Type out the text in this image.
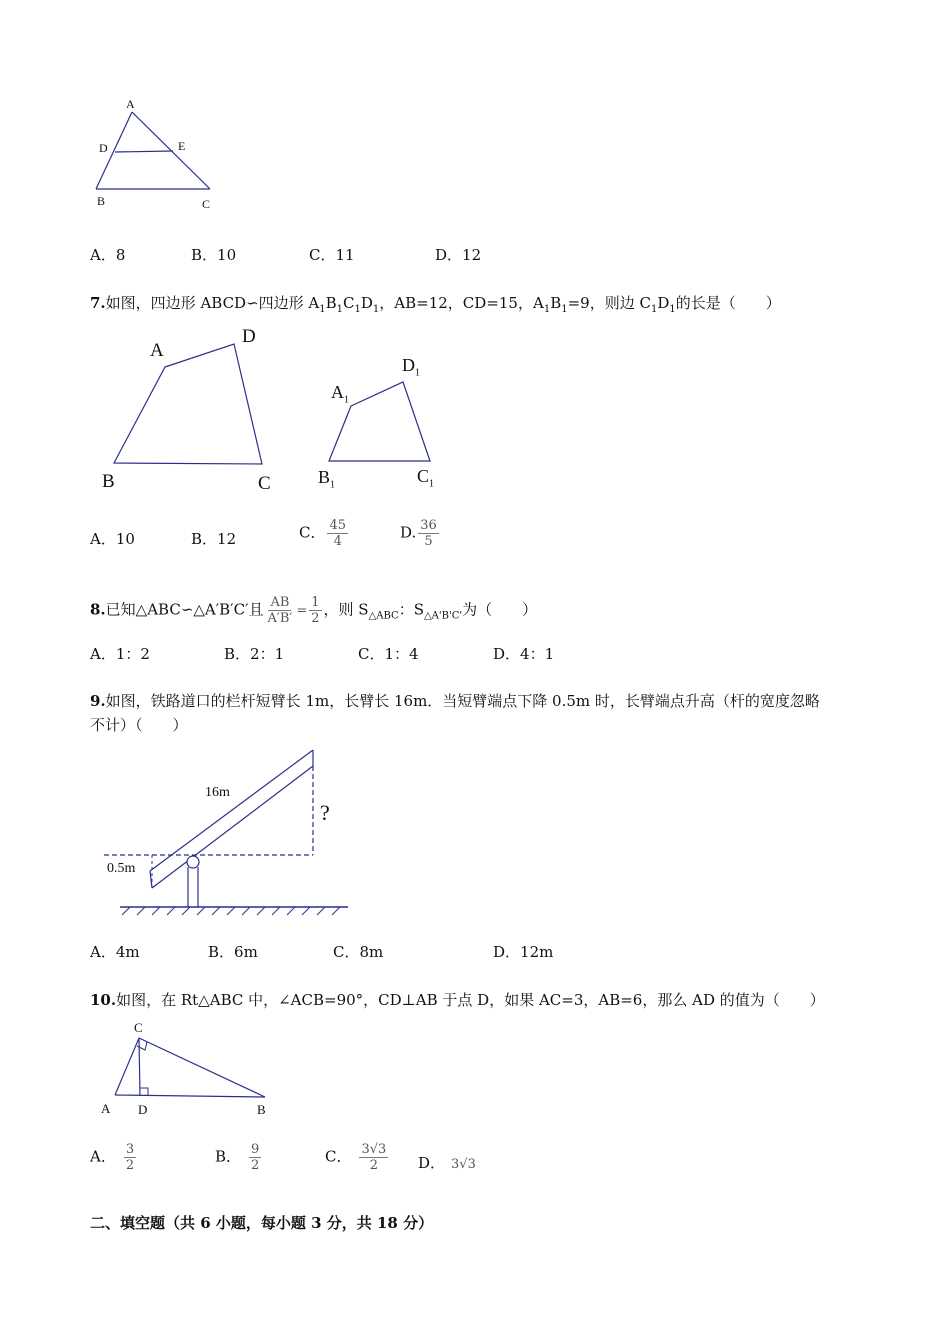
A
D	E
B	C
A．8	B．10	C．11	D．12
7.如图，四边形 ABCD∽四边形 $A_1B_1C_1D_1$，AB=12，CD=15，$A_1B_1=9$，则边 $C_1D_1$的长是（　　）
A
D
B	C
$A_1$
$D_1$
$B_1$	$C_1$
A．10	B．12	C． $\frac{45}{4}$	D. $\frac{36}{5}$
8.已知△ABC∽△A′B′C′且 $\frac{AB}{A'B'} = \frac{1}{2}$ ，则 $S_{\triangle ABC}$：$S_{\triangle A'B'C'}$为（　　）
A．1：2	B．2：1	C．1：4	D．4：1
9.如图，铁路道口的栏杆短臂长 1m，长臂长 16m．当短臂端点下降 0.5m 时，长臂端点升高（杆的宽度忽略
不计）（　　）
16m
0.5m
?
A．4m	B．6m	C．8m	D．12m
10.如图，在 Rt△ABC 中，∠ACB=90°，CD⊥AB 于点 D，如果 AC=3，AB=6，那么 AD 的值为（　　）
C
A D	B
A． $\frac{3}{2}$	B． $\frac{9}{2}$	C． $\frac{3√3}{2}$ D． 3√3
二、填空题（共 6 小题，每小题 3 分，共 18 分）
